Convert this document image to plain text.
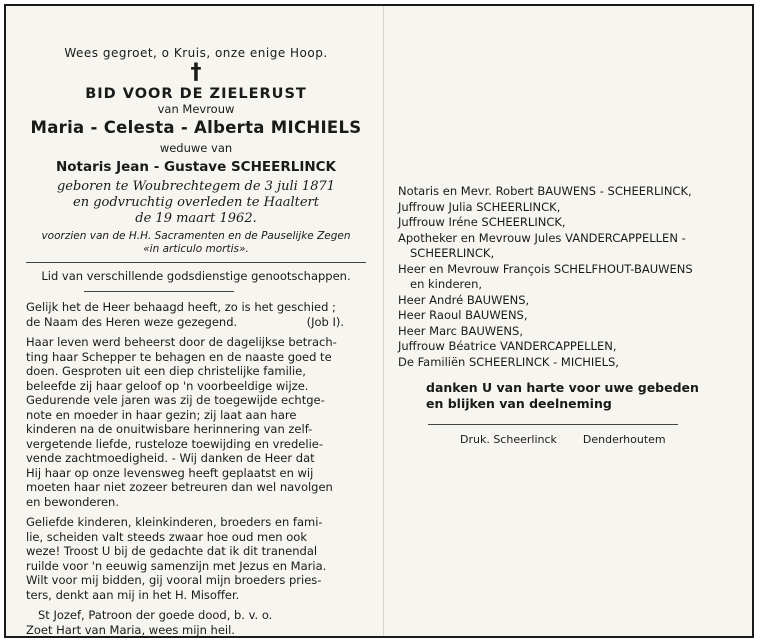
Wees gegroet, o Kruis, onze enige Hoop.
†
BID VOOR DE ZIELERUST
van Mevrouw
Maria - Celesta - Alberta MICHIELS
weduwe van
Notaris Jean - Gustave SCHEERLINCK
geboren te Woubrechtegem de 3 juli 1871
en godvruchtig overleden te Haaltert
de 19 maart 1962.
voorzien van de H.H. Sacramenten en de Pauselijke Zegen
«in articulo mortis».
Lid van verschillende godsdienstige genootschappen.

Gelijk het de Heer behaagd heeft, zo is het geschied ;

de Naam des Heren weze gezegend.	(Job I).

Haar leven werd beheerst door de dagelijkse betrach-

ting haar Schepper te behagen en de naaste goed te

doen. Gesproten uit een diep christelijke familie,

beleefde zij haar geloof op 'n voorbeeldige wijze.

Gedurende vele jaren was zij de toegewijde echtge-

note en moeder in haar gezin; zij laat aan hare

kinderen na de onuitwisbare herinnering van zelf-

vergetende liefde, rusteloze toewijding en vredelie-

vende zachtmoedigheid. - Wij danken de Heer dat

Hij haar op onze levensweg heeft geplaatst en wij

moeten haar niet zozeer betreuren dan wel navolgen

en bewonderen.

Geliefde kinderen, kleinkinderen, broeders en fami-

lie, scheiden valt steeds zwaar hoe oud men ook

weze! Troost U bij de gedachte dat ik dit tranendal

ruilde voor 'n eeuwig samenzijn met Jezus en Maria.

Wilt voor mij bidden, gij vooral mijn broeders pries-

ters, denkt aan mij in het H. Misoffer.

St Jozef, Patroon der goede dood, b. v. o.
Zoet Hart van Maria, wees mijn heil.
Notaris en Mevr. Robert BAUWENS - SCHEERLINCK,
Juffrouw Julia SCHEERLINCK,
Juffrouw Iréne SCHEERLINCK,
Apotheker en Mevrouw Jules VANDERCAPPELLEN -
SCHEERLINCK,
Heer en Mevrouw François SCHELFHOUT-BAUWENS
en kinderen,
Heer André BAUWENS,
Heer Raoul BAUWENS,
Heer Marc BAUWENS,
Juffrouw Béatrice VANDERCAPPELLEN,
De Familiën SCHEERLINCK - MICHIELS,
danken U van harte voor uwe gebeden
en blijken van deelneming
Druk. Scheerlinck Denderhoutem
